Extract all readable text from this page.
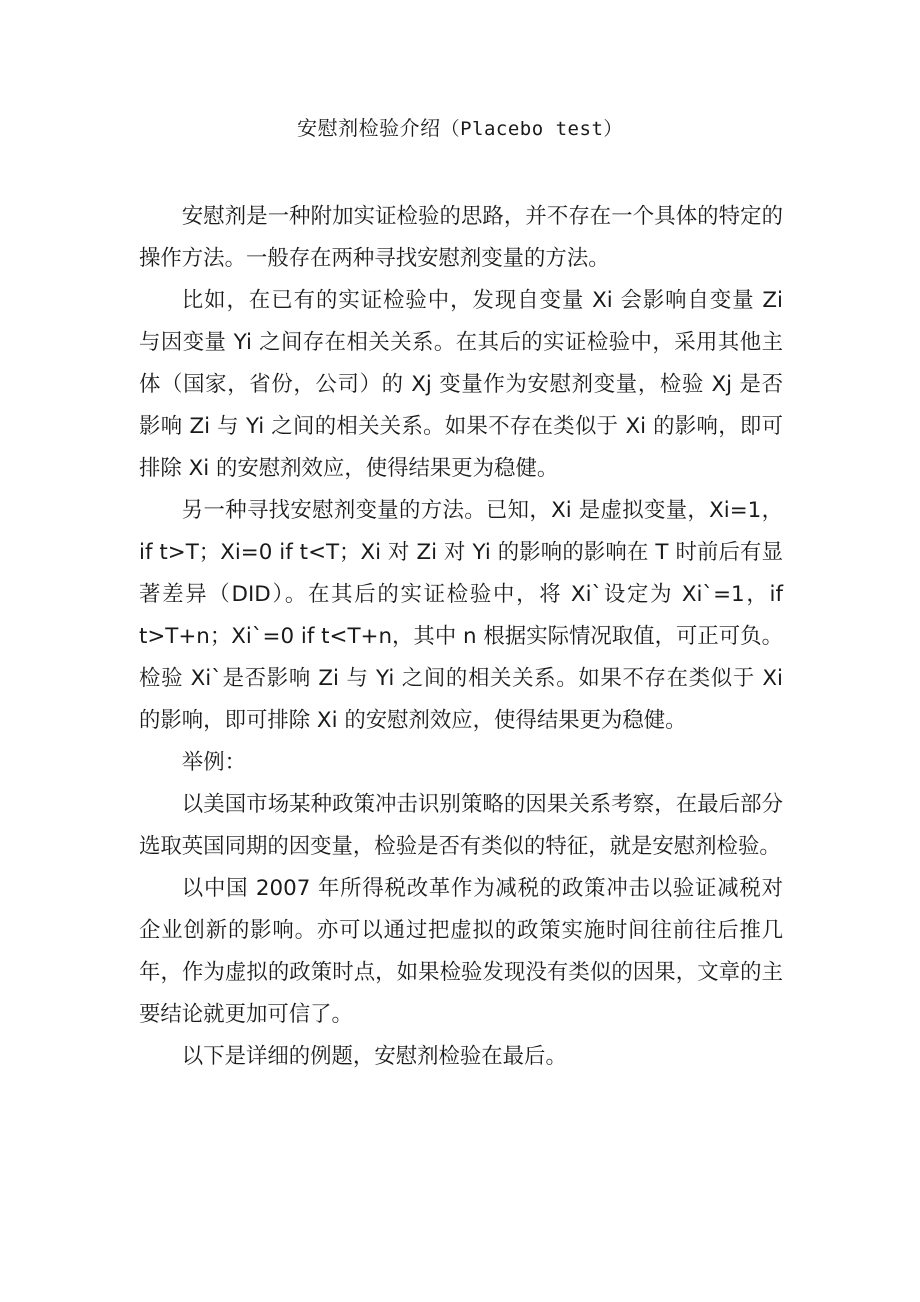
安慰剂检验介绍（Placebo test）

安慰剂是一种附加实证检验的思路，并不存在一个具体的特定的操作方法。一般存在两种寻找安慰剂变量的方法。

比如，在已有的实证检验中，发现自变量 Xi 会影响自变量 Zi 与因变量 Yi 之间存在相关关系。在其后的实证检验中，采用其他主体（国家，省份，公司）的 Xj 变量作为安慰剂变量，检验 Xj 是否影响 Zi 与 Yi 之间的相关关系。如果不存在类似于 Xi 的影响，即可排除 Xi 的安慰剂效应，使得结果更为稳健。

另一种寻找安慰剂变量的方法。已知，Xi 是虚拟变量，Xi=1，if t>T；Xi=0 if t<T；Xi 对 Zi 对 Yi 的影响的影响在 T 时前后有显著差异（DID）。在其后的实证检验中，将 Xi`设定为 Xi`=1，if t>T+n；Xi`=0 if t<T+n，其中 n 根据实际情况取值，可正可负。检验 Xi`是否影响 Zi 与 Yi 之间的相关关系。如果不存在类似于 Xi 的影响，即可排除 Xi 的安慰剂效应，使得结果更为稳健。

举例：

以美国市场某种政策冲击识别策略的因果关系考察，在最后部分选取英国同期的因变量，检验是否有类似的特征，就是安慰剂检验。

以中国 2007 年所得税改革作为减税的政策冲击以验证减税对企业创新的影响。亦可以通过把虚拟的政策实施时间往前往后推几年，作为虚拟的政策时点，如果检验发现没有类似的因果，文章的主要结论就更加可信了。

以下是详细的例题，安慰剂检验在最后。
